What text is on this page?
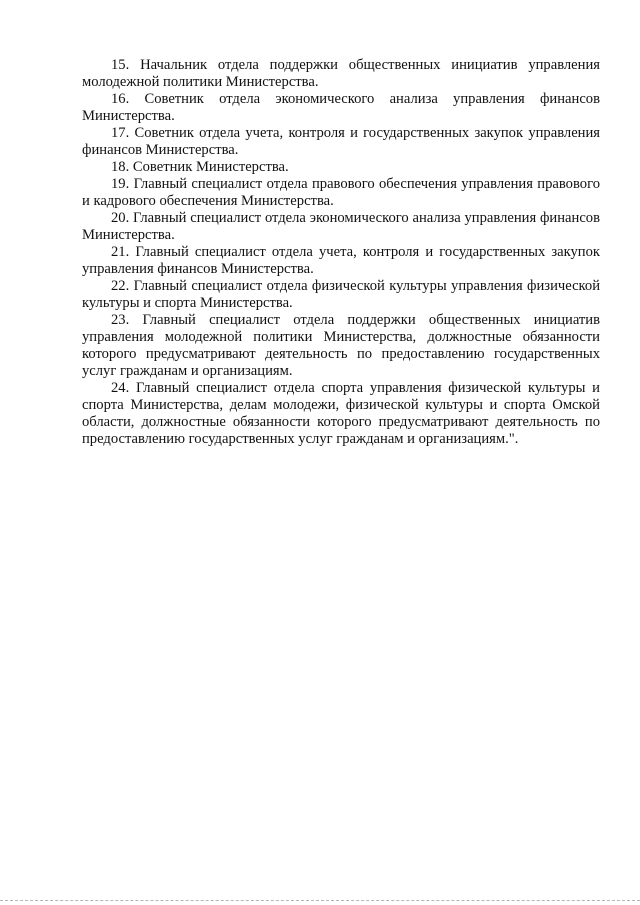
15. Начальник отдела поддержки общественных инициатив управления молодежной политики Министерства.

16. Советник отдела экономического анализа управления финансов Министерства.

17. Советник отдела учета, контроля и государственных закупок управления финансов Министерства.

18. Советник Министерства.

19. Главный специалист отдела правового обеспечения управления правового и кадрового обеспечения Министерства.

20. Главный специалист отдела экономического анализа управления финансов Министерства.

21. Главный специалист отдела учета, контроля и государственных закупок управления финансов Министерства.

22. Главный специалист отдела физической культуры управления физической культуры и спорта Министерства.

23. Главный специалист отдела поддержки общественных инициатив управления молодежной политики Министерства, должностные обязанности которого предусматривают деятельность по предоставлению государственных услуг гражданам и организациям.

24. Главный специалист отдела спорта управления физической культуры и спорта Министерства, делам молодежи, физической культуры и спорта Омской области, должностные обязанности которого предусматривают деятельность по предоставлению государственных услуг гражданам и организациям.".
